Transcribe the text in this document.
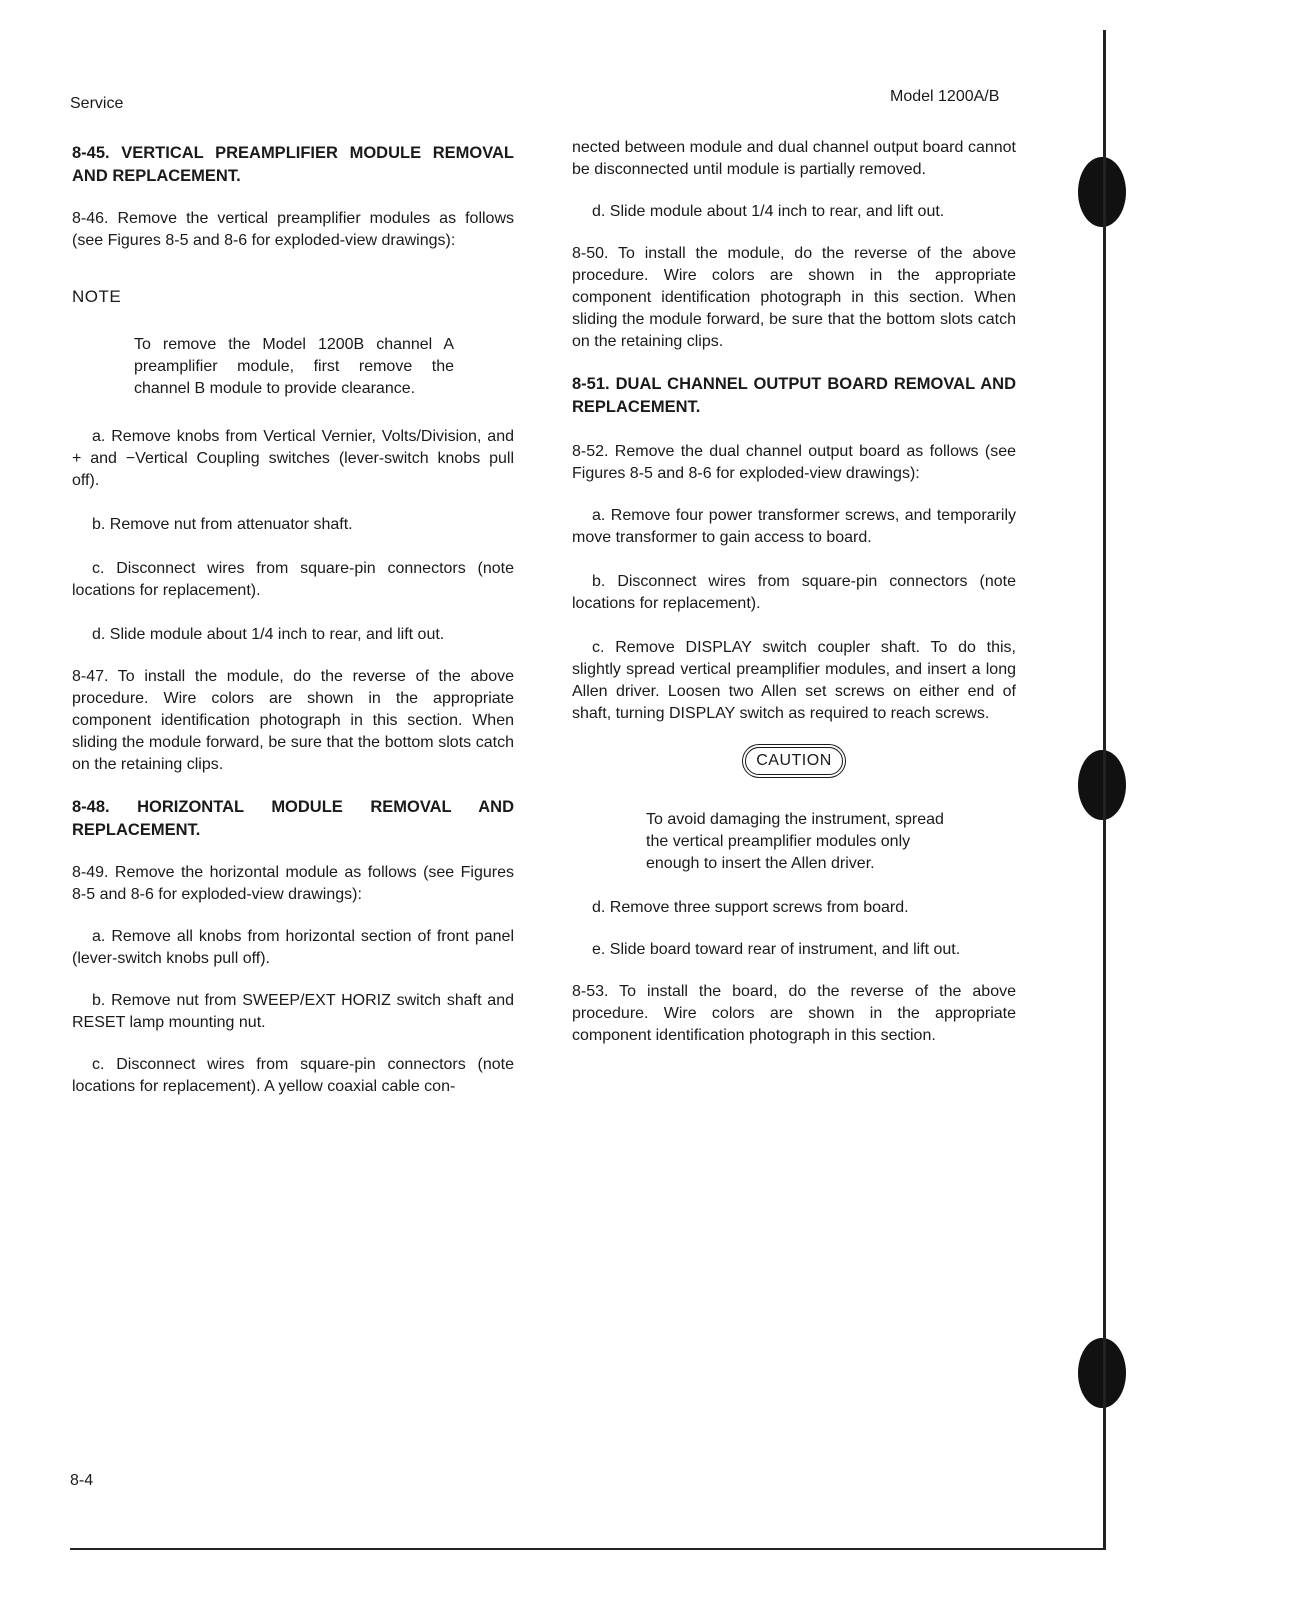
Service	Model 1200A/B

8-45. VERTICAL PREAMPLIFIER MODULE REMOVAL AND REPLACEMENT.

8-46. Remove the vertical preamplifier modules as follows (see Figures 8-5 and 8-6 for exploded-view drawings):

NOTE

To remove the Model 1200B channel A preamplifier module, first remove the channel B module to provide clearance.

a. Remove knobs from Vertical Vernier, Volts/Division, and + and −Vertical Coupling switches (lever-switch knobs pull off).

b. Remove nut from attenuator shaft.

c. Disconnect wires from square-pin connectors (note locations for replacement).

d. Slide module about 1/4 inch to rear, and lift out.

8-47. To install the module, do the reverse of the above procedure. Wire colors are shown in the appropriate component identification photograph in this section. When sliding the module forward, be sure that the bottom slots catch on the retaining clips.

8-48. HORIZONTAL MODULE REMOVAL AND REPLACEMENT.

8-49. Remove the horizontal module as follows (see Figures 8-5 and 8-6 for exploded-view drawings):

a. Remove all knobs from horizontal section of front panel (lever-switch knobs pull off).

b. Remove nut from SWEEP/EXT HORIZ switch shaft and RESET lamp mounting nut.

c. Disconnect wires from square-pin connectors (note locations for replacement). A yellow coaxial cable con-

nected between module and dual channel output board cannot be disconnected until module is partially removed.

d. Slide module about 1/4 inch to rear, and lift out.

8-50. To install the module, do the reverse of the above procedure. Wire colors are shown in the appropriate component identification photograph in this section. When sliding the module forward, be sure that the bottom slots catch on the retaining clips.

8-51. DUAL CHANNEL OUTPUT BOARD REMOVAL AND REPLACEMENT.

8-52. Remove the dual channel output board as follows (see Figures 8-5 and 8-6 for exploded-view drawings):

a. Remove four power transformer screws, and temporarily move transformer to gain access to board.

b. Disconnect wires from square-pin connectors (note locations for replacement).

c. Remove DISPLAY switch coupler shaft. To do this, slightly spread vertical preamplifier modules, and insert a long Allen driver. Loosen two Allen set screws on either end of shaft, turning DISPLAY switch as required to reach screws.

CAUTION

To avoid damaging the instrument, spread the vertical preamplifier modules only enough to insert the Allen driver.

d. Remove three support screws from board.

e. Slide board toward rear of instrument, and lift out.

8-53. To install the board, do the reverse of the above procedure. Wire colors are shown in the appropriate component identification photograph in this section.

8-4
